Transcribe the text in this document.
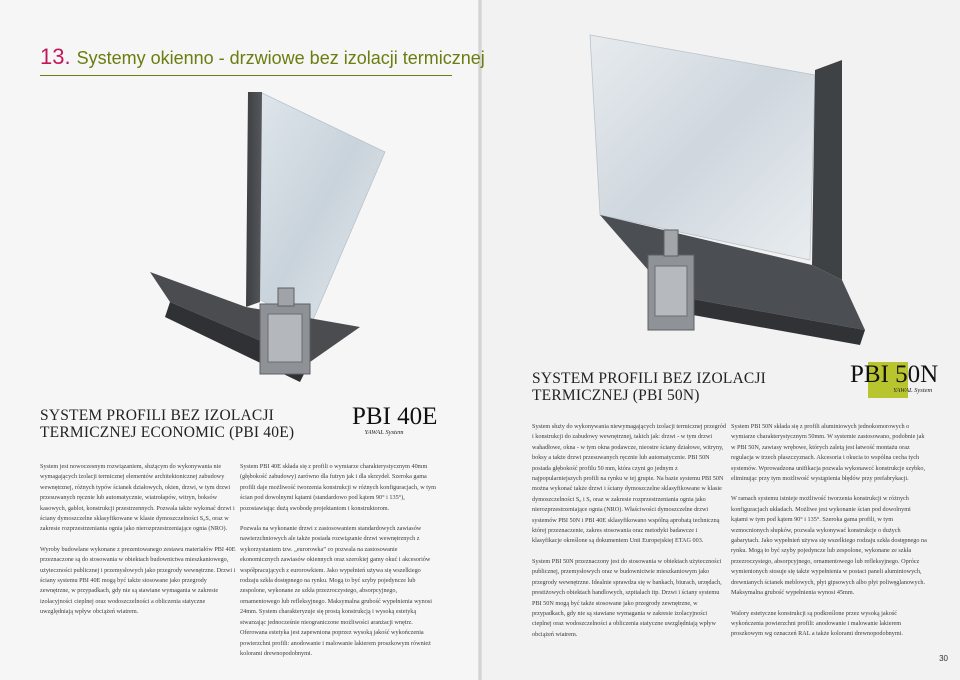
13. Systemy okienno - drzwiowe bez izolacji termicznej
SYSTEM PROFILI BEZ IZOLACJI
TERMICZNEJ ECONOMIC (PBI 40E)
PBI 40E
YAWAL System

System jest nowoczesnym rozwiązaniem, służącym do wykonywania nie wymagających izolacji termicznej elementów architektonicznej zabudowy wewnętrznej, różnych typów ścianek działowych, okien, drzwi, w tym drzwi przesuwanych ręcznie lub automatycznie, wiatrołapów, witryn, boksów kasowych, gablot, konstrukcji przestrzennych. Pozwala także wykonać drzwi i ściany dymoszczelne sklasyfikowane w klasie dymoszczelności S₀Sₐ oraz w zakresie rozprzestrzeniania ognia jako nierozprzestrzeniające ognia (NRO).

Wyroby budowlane wykonane z prezentowanego zestawu materiałów PBI 40E przeznaczone są do stosowania w obiektach budownictwa mieszkaniowego, użyteczności publicznej i przemysłowych jako przegrody wewnętrzne. Drzwi i ściany systemu PBI 40E mogą być także stosowane jako przegrody zewnętrzne, w przypadkach, gdy nie są stawiane wymagania w zakresie izolacyjności cieplnej oraz wodoszczelności a obliczenia statyczne uwzględniają wpływ obciążeń wiatrem.

System PBI 40E składa się z profili o wymiarze charakterystycznym 40mm (głębokość zabudowy) zarówno dla futryn jak i dla skrzydeł. Szeroka gama profili daje możliwość tworzenia konstrukcji w różnych konfiguracjach, w tym ścian pod dowolnymi kątami (standardowo pod kątem 90° i 135°), pozostawiając dużą swobodę projektantom i konstruktorom.

Pozwala na wykonanie drzwi z zastosowaniem standardowych zawiasów nawierzchniowych ale także posiada rozwiązanie drzwi wewnętrznych z wykorzystaniem tzw. „eurorowka” co pozwala na zastosowanie ekonomicznych zawiasów okiennych oraz szerokiej gamy okuć i akcesoriów współpracujących z eurorowkiem. Jako wypełnień używa się wszelkiego rodzaju szkła dostępnego na rynku. Mogą to być szyby pojedyncze lub zespolone, wykonane ze szkła przezroczystego, absorpcyjnego, ornamentowego lub refleksyjnego. Maksymalna grubość wypełnienia wynosi 24mm. System charakteryzuje się prostą konstrukcją i wysoką estetyką stwarzając jednocześnie nieograniczone możliwości aranżacji wnętrz. Oferowana estetyka jest zapewniona poprzez wysoką jakość wykończenia powierzchni profili: anodowanie i malowanie lakierem proszkowym również kolorami drewnopodobnymi.

SYSTEM PROFILI BEZ IZOLACJI
TERMICZNEJ (PBI 50N)
PBI 50N
YAWAL System

System służy do wykonywania niewymagających izolacji termicznej przegród i konstrukcji do zabudowy wewnętrznej, takich jak: drzwi - w tym drzwi wahadłowe, okna - w tym okna podawcze, nieostre ściany działowe, witryny, boksy a także drzwi przesuwanych ręcznie lub automatycznie. PBI 50N posiada głębokość profilu 50 mm, która czyni go jednym z najpopularniejszych profili na rynku w tej grupie. Na bazie systemu PBI 50N można wykonać także drzwi i ściany dymoszczelne sklasyfikowane w klasie dymoszczelności S₀ i Sₐ oraz w zakresie rozprzestrzeniania ognia jako nierozprzestrzeniające ognia (NRO). Właściwości dymoszczelne drzwi systemów PBI 50N i PBI 40E sklasyfikowano wspólną aprobatą techniczną której przeznaczenie, zakres stosowania oraz metodyki badawcze i klasyfikacje określone są dokumentem Unii Europejskiej ETAG 003.

System PBI 50N przeznaczony jest do stosowania w obiektach użyteczności publicznej, przemysłowych oraz w budownictwie mieszkaniowym jako przegrody wewnętrzne. Idealnie sprawdza się w bankach, biurach, urzędach, prestiżowych obiektach handlowych, szpitalach itp. Drzwi i ściany systemu PBI 50N mogą być także stosowane jako przegrody zewnętrzne, w przypadkach, gdy nie są stawiane wymagania w zakresie izolacyjności cieplnej oraz wodoszczelności a obliczenia statyczne uwzględniają wpływ obciążeń wiatrem.

System PBI 50N składa się z profili aluminiowych jednokomorowych o wymiarze charakterystycznym 50mm. W systemie zastosowano, podobnie jak w PBI 50N, zawiasy wrębowe, których zaletą jest łatwość montażu oraz regulacja w trzech płaszczyznach. Akcesoria i okucia to wspólna cecha tych systemów. Wprowadzona unifikacja pozwala wykonawcć konstrukcje szybko, eliminując przy tym możliwość wystąpienia błędów przy prefabrykacji.

W ramach systemu istnieje możliwość tworzenia konstrukcji w różnych konfiguracjach układach. Możliwe jest wykonanie ścian pod dowolnymi kątami w tym pod kątem 90° i 135°. Szeroka gama profili, w tym wzmocnionych słupków, pozwala wykonywać konstrukcje o dużych gabarytach. Jako wypełnień używa się wszelkiego rodzaju szkła dostępnego na rynku. Mogą to być szyby pojedyncze lub zespolone, wykonane ze szkła przezroczystego, absorpcyjnego, ornamentowego lub refleksyjnego. Oprócz wymienionych stosuje się także wypełnienia w postaci paneli aluminiowych, drewnianych ścianek meblowych, płyt gipsowych albo płyt poliwęglanowych. Maksymalna grubość wypełnienia wynosi 45mm.

Walory estetyczne konstrukcji są podkreślone przez wysoką jakość wykończenia powierzchni profili: anodowanie i malowanie lakierem proszkowym wg oznaczeń RAL a także kolorami drewnopodobnymi.

30
